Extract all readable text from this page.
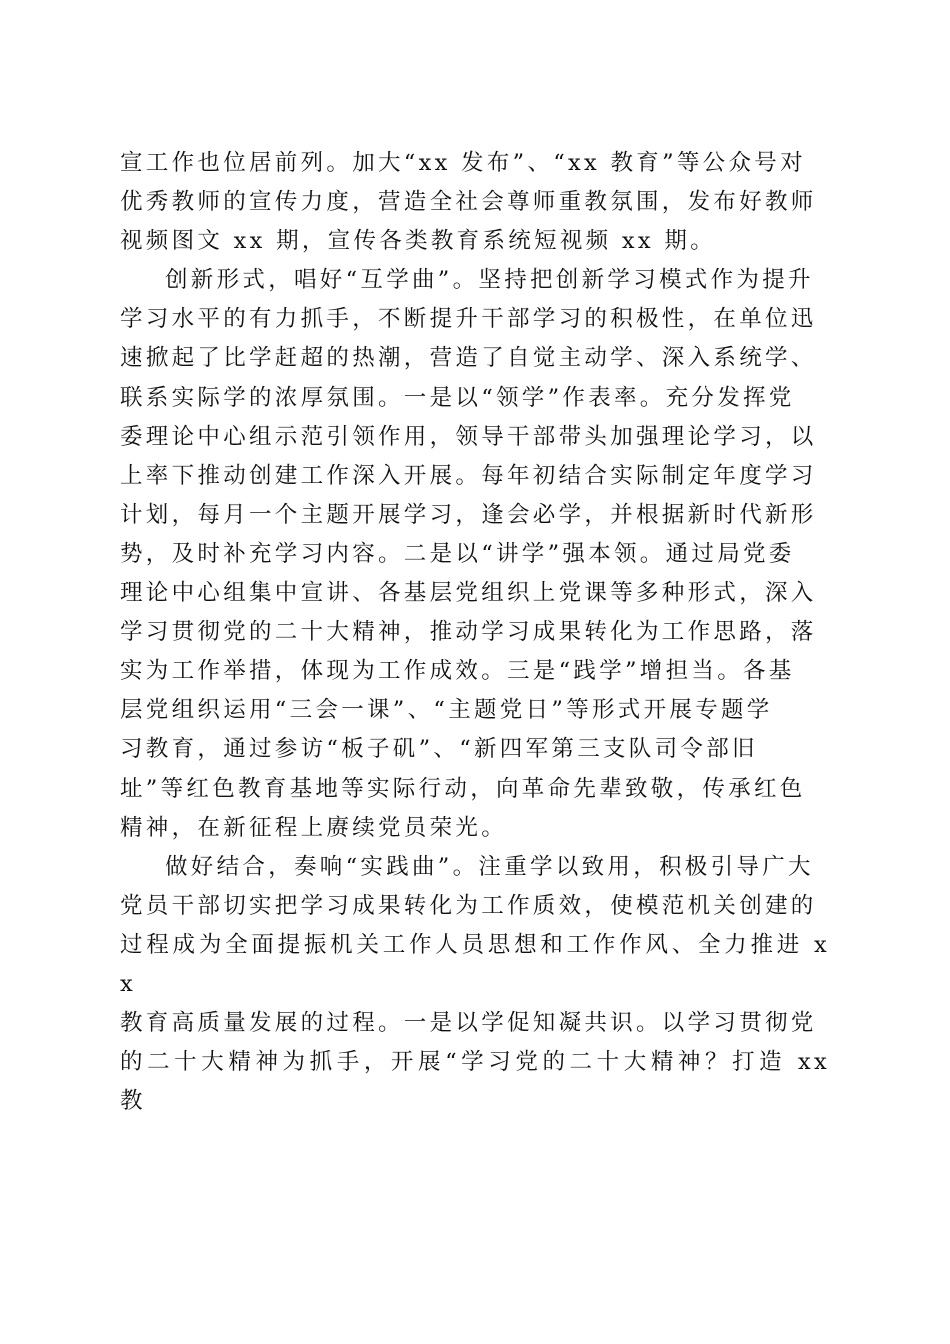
宣工作也位居前列。加大“xx 发布”、“xx 教育”等公众号对
优秀教师的宣传力度，营造全社会尊师重教氛围，发布好教师
视频图文 xx 期，宣传各类教育系统短视频 xx 期。
创新形式，唱好“互学曲”。坚持把创新学习模式作为提升
学习水平的有力抓手，不断提升干部学习的积极性，在单位迅
速掀起了比学赶超的热潮，营造了自觉主动学、深入系统学、
联系实际学的浓厚氛围。一是以“领学”作表率。充分发挥党
委理论中心组示范引领作用，领导干部带头加强理论学习，以
上率下推动创建工作深入开展。每年初结合实际制定年度学习
计划，每月一个主题开展学习，逢会必学，并根据新时代新形
势，及时补充学习内容。二是以“讲学”强本领。通过局党委
理论中心组集中宣讲、各基层党组织上党课等多种形式，深入
学习贯彻党的二十大精神，推动学习成果转化为工作思路，落
实为工作举措，体现为工作成效。三是“践学”增担当。各基
层党组织运用“三会一课”、“主题党日”等形式开展专题学
习教育，通过参访“板子矶”、“新四军第三支队司令部旧
址”等红色教育基地等实际行动，向革命先辈致敬，传承红色
精神，在新征程上赓续党员荣光。
做好结合，奏响“实践曲”。注重学以致用，积极引导广大
党员干部切实把学习成果转化为工作质效，使模范机关创建的
过程成为全面提振机关工作人员思想和工作作风、全力推进 xx
教育高质量发展的过程。一是以学促知凝共识。以学习贯彻党
的二十大精神为抓手，开展“学习党的二十大精神？打造 xx 教
